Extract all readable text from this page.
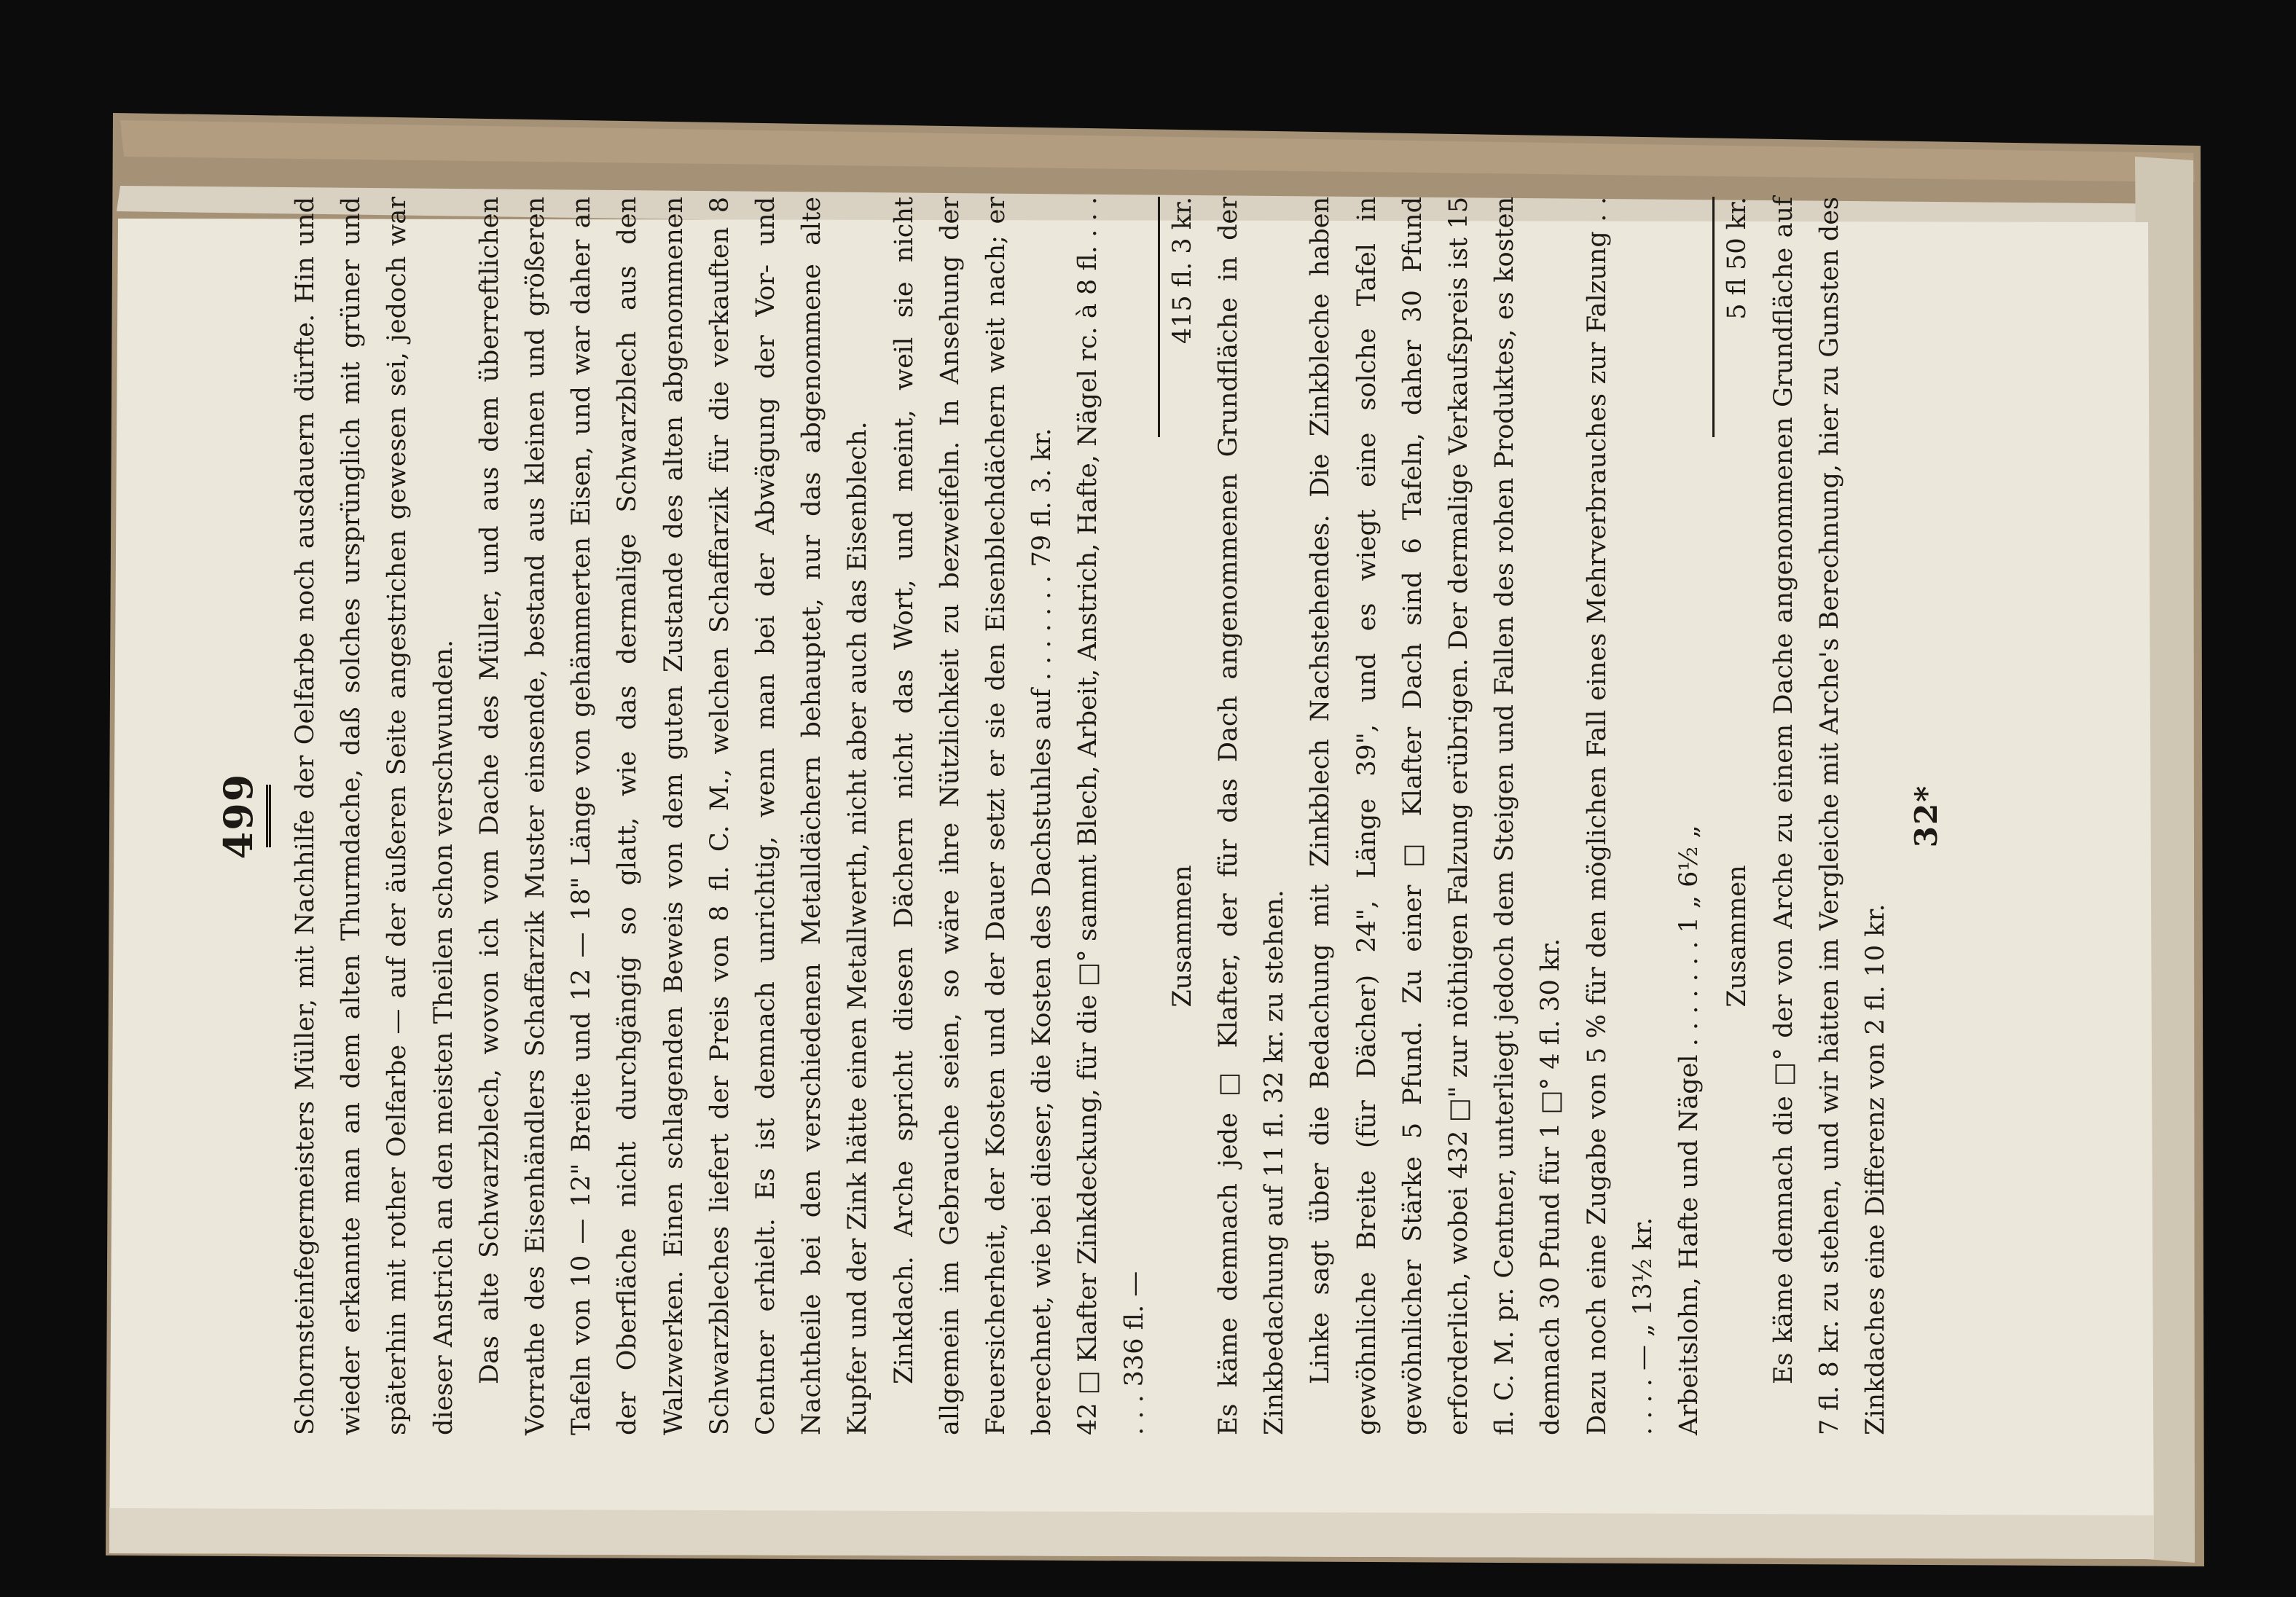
499	Schornsteinfegermeisters Müller, mit Nachhilfe der Oelfarbe noch ausdauern dürfte. Hin und wieder erkannte man an dem alten Thurmdache, daß solches ursprünglich mit grüner und späterhin mit rother Oelfarbe — auf der äußeren Seite angestrichen gewesen sei, jedoch war dieser Anstrich an den meisten Theilen schon verschwunden. Das alte Schwarzblech, wovon ich vom Dache des Müller, und aus dem überreftlichen Vorrathe des Eisenhändlers Schaffarzik Muster einsende, bestand aus kleinen und größeren Tafeln von 10 — 12" Breite und 12 — 18" Länge von gehämmerten Eisen, und war daher an der Oberfläche nicht durchgängig so glatt, wie das dermalige Schwarzblech aus den Walzwerken. Einen schlagenden Beweis von dem guten Zustande des alten abgenommenen Schwarzbleches liefert der Preis von 8 fl. C. M., welchen Schaffarzik für die verkauften 8 Centner erhielt. Es ist demnach unrichtig, wenn man bei der Abwägung der Vor- und Nachtheile bei den verschiedenen Metalldächern behauptet, nur das abgenommene alte Kupfer und der Zink hätte einen Metallwerth, nicht aber auch das Eisenblech. Zinkdach. Arche spricht diesen Dächern nicht das Wort, und meint, weil sie nicht allgemein im Gebrauche seien, so wäre ihre Nützlichkeit zu bezweifeln. In Ansehung der Feuersicherheit, der Kosten und der Dauer setzt er sie den Eisenblechdächern weit nach; er berechnet, wie bei dieser, die Kosten des Dachstuhles auf . . . . . . . 79 fl. 3. kr. 42 □ Klafter Zinkdeckung, für die □° sammt Blech, Arbeit, Anstrich, Hafte, Nägel rc. à 8 fl. . . . . . . 336 fl. —

Zusammen	415 fl. 3 kr. Es käme demnach jede □ Klafter, der für das Dach angenommenen Grundfläche in der Zinkbedachung auf 11 fl. 32 kr. zu stehen. Linke sagt über die Bedachung mit Zinkblech Nachstehendes. Die Zinkbleche haben gewöhnliche Breite (für Dächer) 24", Länge 39", und es wiegt eine solche Tafel in gewöhnlicher Stärke 5 Pfund. Zu einer □ Klafter Dach sind 6 Tafeln, daher 30 Pfund erforderlich, wobei 432 □" zur nöthigen Falzung erübrigen. Der dermalige Verkaufspreis ist 15 fl. C. M. pr. Centner, unterliegt jedoch dem Steigen und Fallen des rohen Produktes, es kosten demnach 30 Pfund für 1 □° 4 fl. 30 kr. Dazu noch eine Zugabe von 5 % für den möglichen Fall eines Mehrverbrauches zur Falzung . . . . . . — „ 13½ kr. Arbeitslohn, Hafte und Nägel . . . . . . . 1 „ 6½ „ Zusammen	5 fl 50 kr. Es käme demnach die □° der von Arche zu einem Dache angenommenen Grundfläche auf 7 fl. 8 kr. zu stehen, und wir hätten im Vergleiche mit Arche's Berechnung, hier zu Gunsten des Zinkdaches eine Differenz von 2 fl. 10 kr.

32*
